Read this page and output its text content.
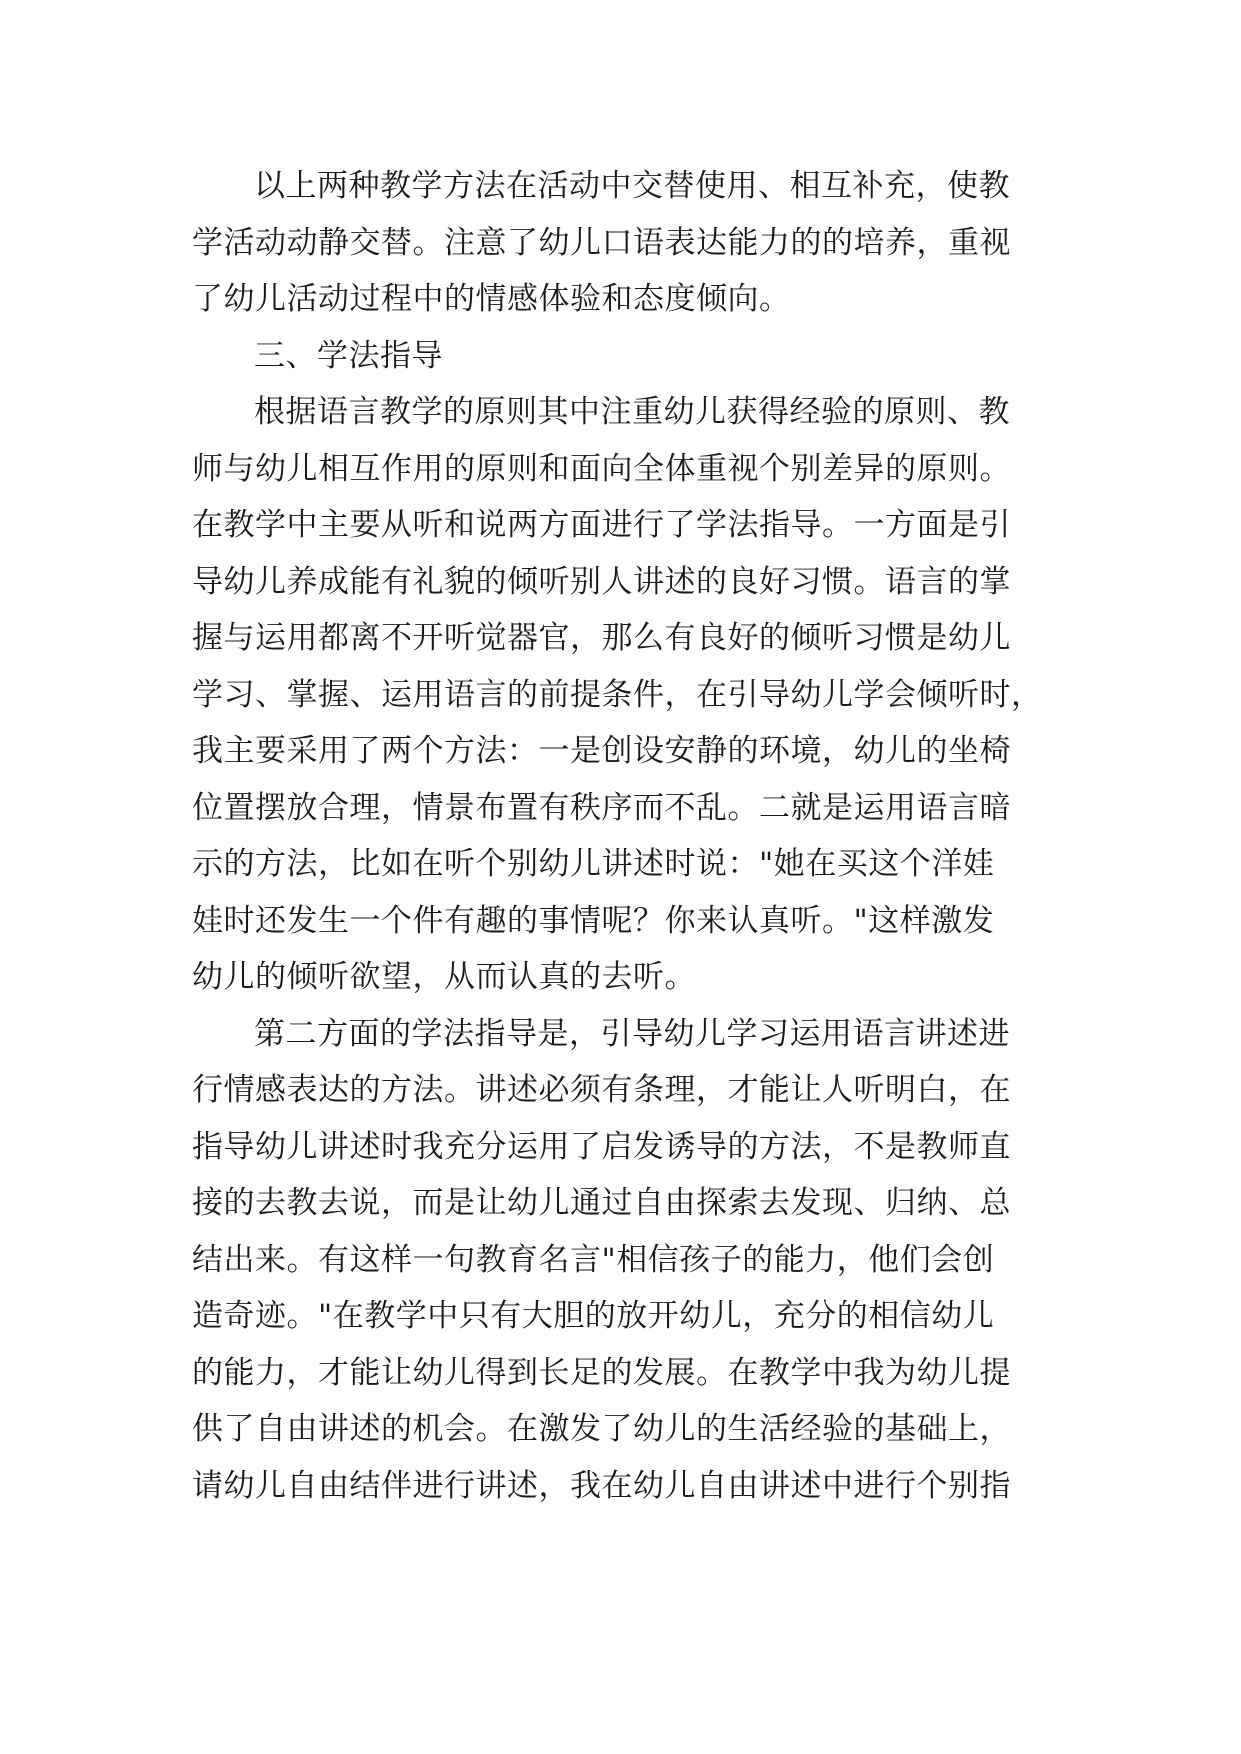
以上两种教学方法在活动中交替使用、相互补充，使教
学活动动静交替。注意了幼儿口语表达能力的的培养，重视
了幼儿活动过程中的情感体验和态度倾向。
三、学法指导
根据语言教学的原则其中注重幼儿获得经验的原则、教
师与幼儿相互作用的原则和面向全体重视个别差异的原则。
在教学中主要从听和说两方面进行了学法指导。一方面是引
导幼儿养成能有礼貌的倾听别人讲述的良好习惯。语言的掌
握与运用都离不开听觉器官，那么有良好的倾听习惯是幼儿
学习、掌握、运用语言的前提条件，在引导幼儿学会倾听时，
我主要采用了两个方法：一是创设安静的环境，幼儿的坐椅
位置摆放合理，情景布置有秩序而不乱。二就是运用语言暗
示的方法，比如在听个别幼儿讲述时说："她在买这个洋娃
娃时还发生一个件有趣的事情呢？你来认真听。"这样激发
幼儿的倾听欲望，从而认真的去听。
第二方面的学法指导是，引导幼儿学习运用语言讲述进
行情感表达的方法。讲述必须有条理，才能让人听明白，在
指导幼儿讲述时我充分运用了启发诱导的方法，不是教师直
接的去教去说，而是让幼儿通过自由探索去发现、归纳、总
结出来。有这样一句教育名言"相信孩子的能力，他们会创
造奇迹。"在教学中只有大胆的放开幼儿，充分的相信幼儿
的能力，才能让幼儿得到长足的发展。在教学中我为幼儿提
供了自由讲述的机会。在激发了幼儿的生活经验的基础上，
请幼儿自由结伴进行讲述，我在幼儿自由讲述中进行个别指
